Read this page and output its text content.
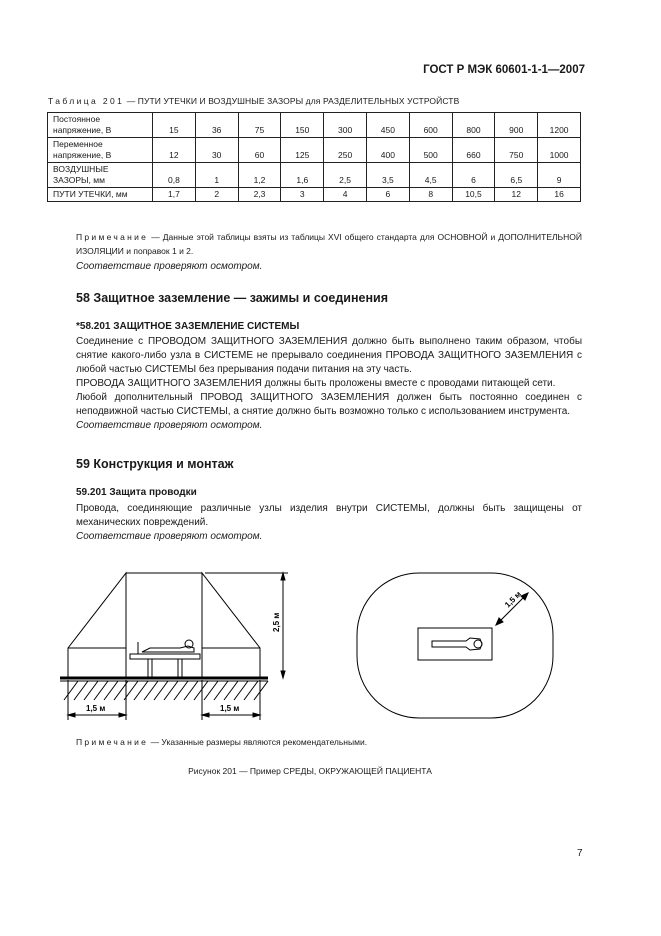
ГОСТ Р МЭК 60601-1-1—2007
Таблица 201 — ПУТИ УТЕЧКИ И ВОЗДУШНЫЕ ЗАЗОРЫ для РАЗДЕЛИТЕЛЬНЫХ УСТРОЙСТВ
Постоянное напряжение, В	15	36	75	150	300	450	600	800	900	1200
Переменное напряжение, В	12	30	60	125	250	400	500	660	750	1000
ВОЗДУШНЫЕ ЗАЗОРЫ, мм	0,8	1	1,2	1,6	2,5	3,5	4,5	6	6,5	9
ПУТИ УТЕЧКИ, мм	1,7	2	2,3	3	4	6	8	10,5	12	16
Примечание — Данные этой таблицы взяты из таблицы XVI общего стандарта для ОСНОВНОЙ и ДОПОЛНИТЕЛЬНОЙ ИЗОЛЯЦИИ и поправок 1 и 2.
Соответствие проверяют осмотром.
58 Защитное заземление — зажимы и соединения
*58.201 ЗАЩИТНОЕ ЗАЗЕМЛЕНИЕ СИСТЕМЫ
Соединение с ПРОВОДОМ ЗАЩИТНОГО ЗАЗЕМЛЕНИЯ должно быть выполнено таким образом, чтобы снятие какого-либо узла в СИСТЕМЕ не прерывало соединения ПРОВОДА ЗАЩИТНОГО ЗАЗЕМЛЕНИЯ с любой частью СИСТЕМЫ без прерывания подачи питания на эту часть.
ПРОВОДА ЗАЩИТНОГО ЗАЗЕМЛЕНИЯ должны быть проложены вместе с проводами питающей сети.
Любой дополнительный ПРОВОД ЗАЩИТНОГО ЗАЗЕМЛЕНИЯ должен быть постоянно соединен с неподвижной частью СИСТЕМЫ, а снятие должно быть возможно только с использованием инструмента.
Соответствие проверяют осмотром.
59 Конструкция и монтаж
59.201 Защита проводки
Провода, соединяющие различные узлы изделия внутри СИСТЕМЫ, должны быть защищены от механических повреждений.
Соответствие проверяют осмотром.
1,5 м	1,5 м
2,5 м
1,5 м
Примечание — Указанные размеры являются рекомендательными.
Рисунок 201 — Пример СРЕДЫ, ОКРУЖАЮЩЕЙ ПАЦИЕНТА
7
